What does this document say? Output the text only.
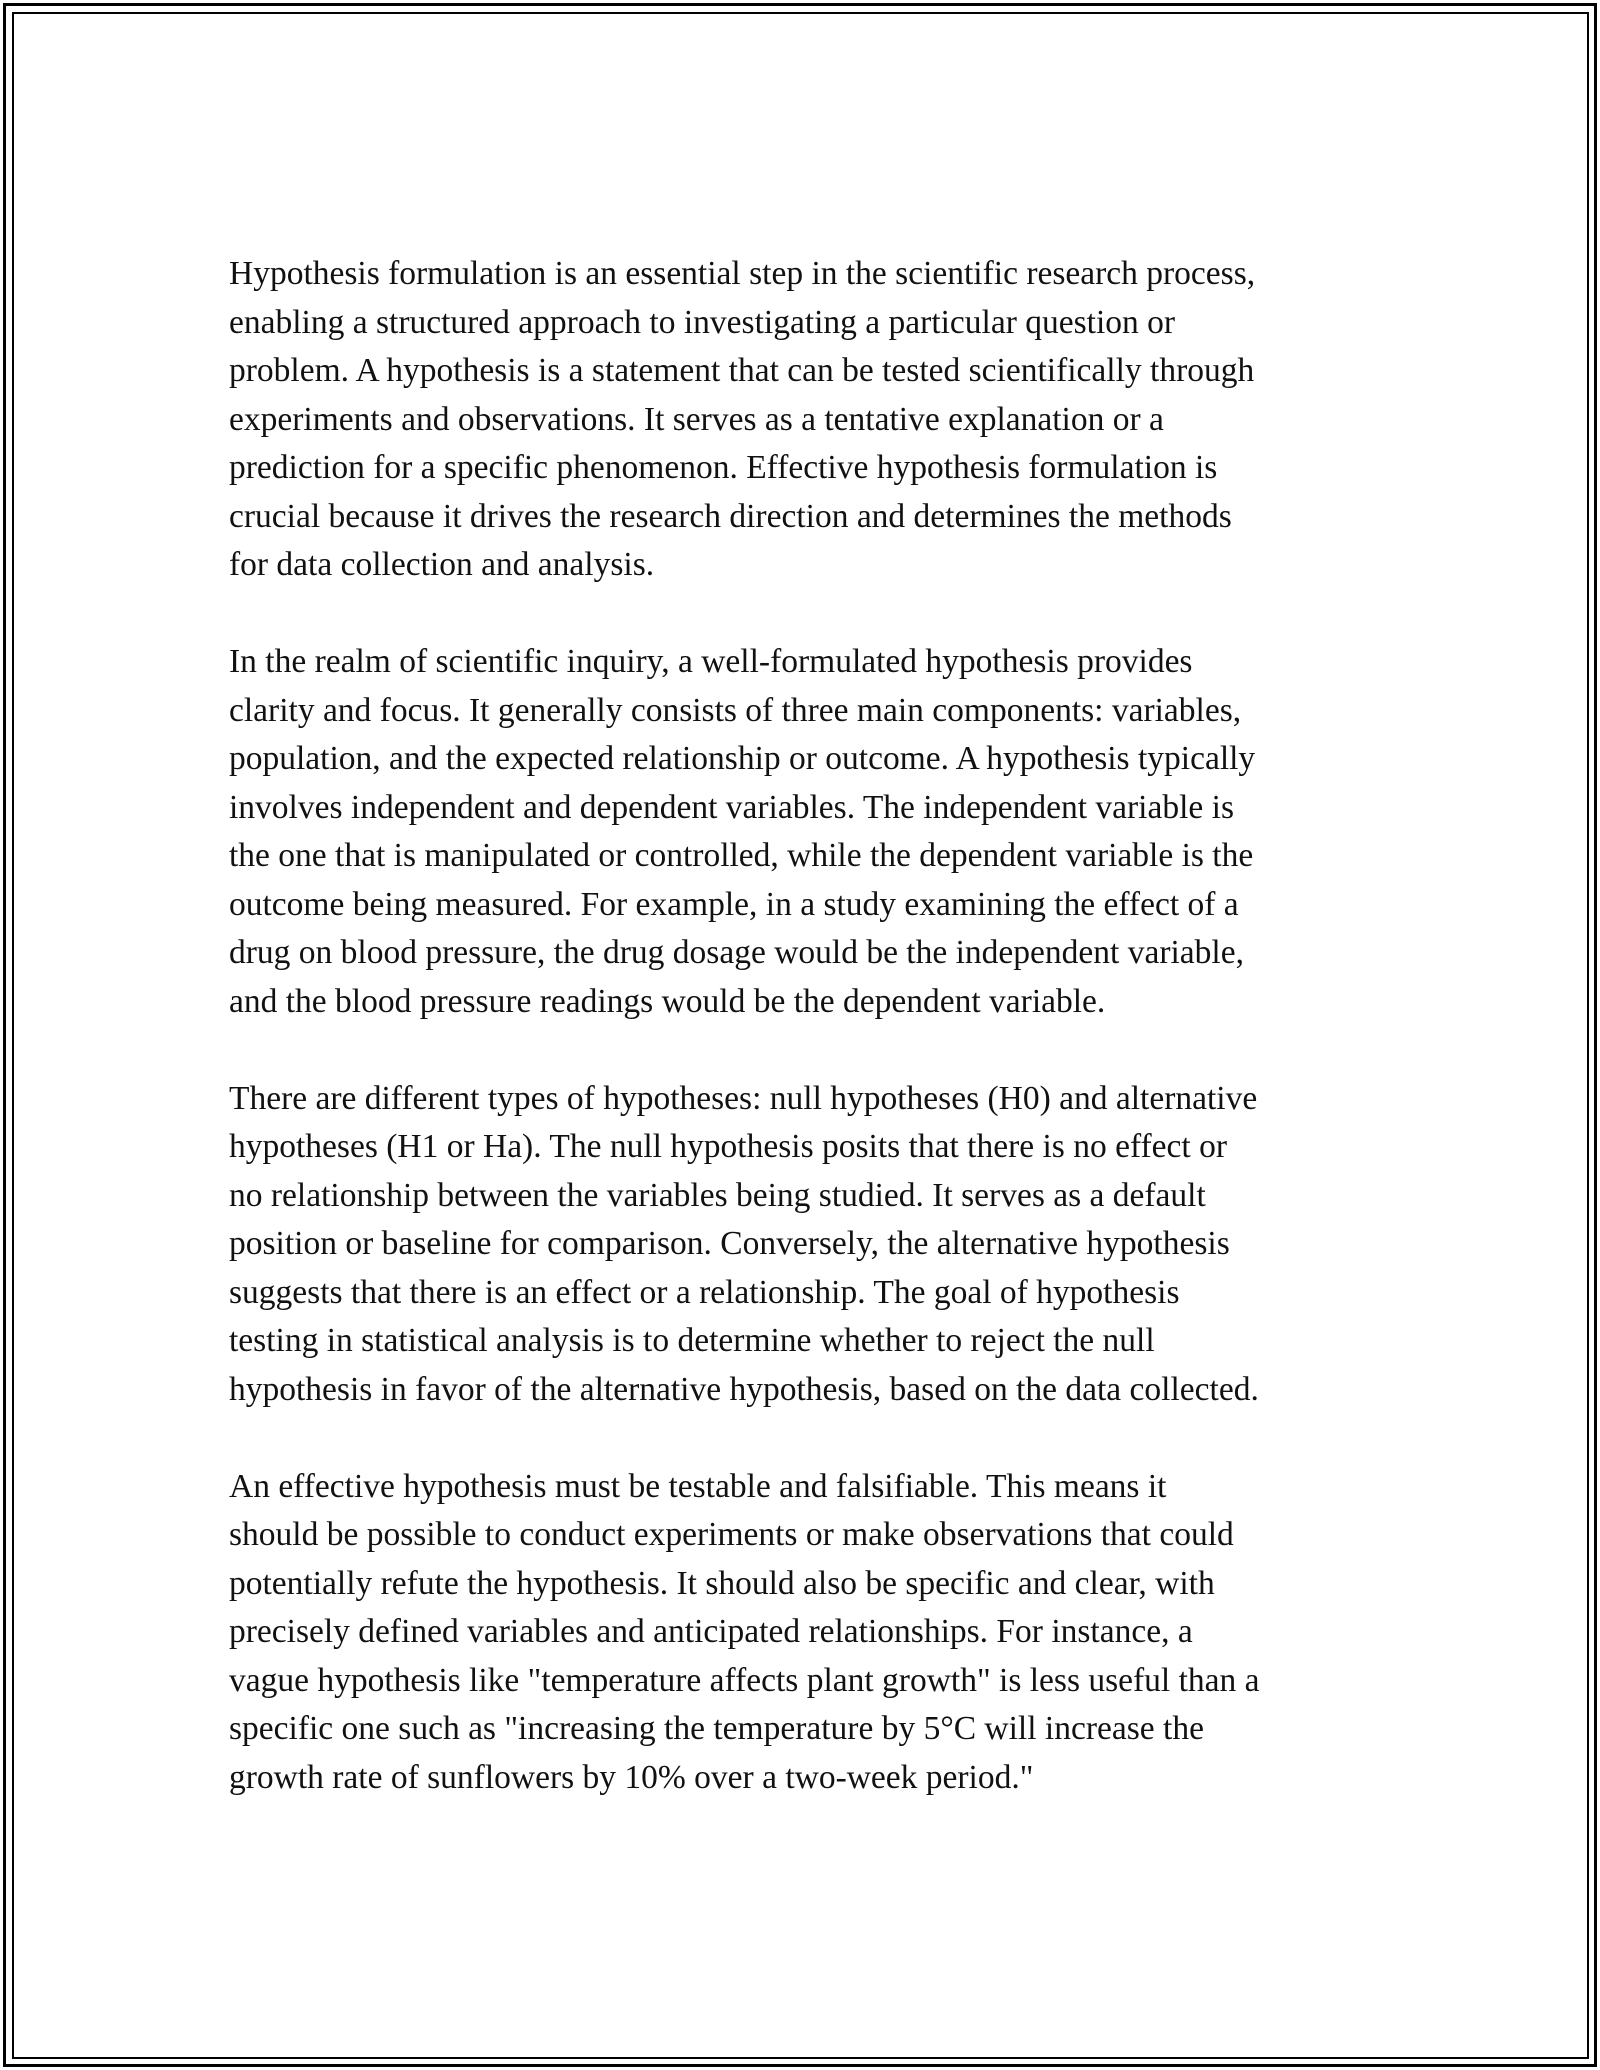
Hypothesis formulation is an essential step in the scientific research process,
enabling a structured approach to investigating a particular question or
problem. A hypothesis is a statement that can be tested scientifically through
experiments and observations. It serves as a tentative explanation or a
prediction for a specific phenomenon. Effective hypothesis formulation is
crucial because it drives the research direction and determines the methods
for data collection and analysis.

In the realm of scientific inquiry, a well-formulated hypothesis provides
clarity and focus. It generally consists of three main components: variables,
population, and the expected relationship or outcome. A hypothesis typically
involves independent and dependent variables. The independent variable is
the one that is manipulated or controlled, while the dependent variable is the
outcome being measured. For example, in a study examining the effect of a
drug on blood pressure, the drug dosage would be the independent variable,
and the blood pressure readings would be the dependent variable.

There are different types of hypotheses: null hypotheses (H0) and alternative
hypotheses (H1 or Ha). The null hypothesis posits that there is no effect or
no relationship between the variables being studied. It serves as a default
position or baseline for comparison. Conversely, the alternative hypothesis
suggests that there is an effect or a relationship. The goal of hypothesis
testing in statistical analysis is to determine whether to reject the null
hypothesis in favor of the alternative hypothesis, based on the data collected.

An effective hypothesis must be testable and falsifiable. This means it
should be possible to conduct experiments or make observations that could
potentially refute the hypothesis. It should also be specific and clear, with
precisely defined variables and anticipated relationships. For instance, a
vague hypothesis like "temperature affects plant growth" is less useful than a
specific one such as "increasing the temperature by 5°C will increase the
growth rate of sunflowers by 10% over a two-week period."
